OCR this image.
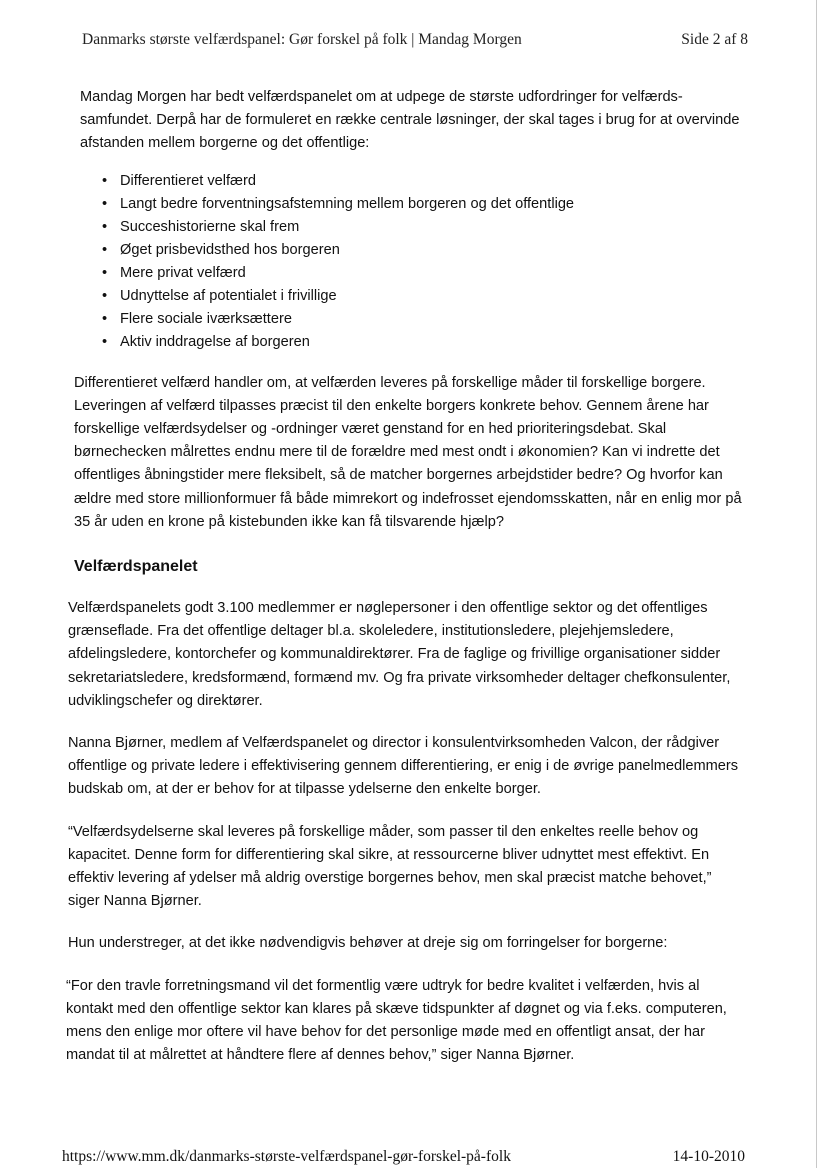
Danmarks største velfærdspanel: Gør forskel på folk | Mandag Morgen	Side 2 af 8

Mandag Morgen har bedt velfærdspanelet om at udpege de største udfordringer for velfærds-samfundet. Derpå har de formuleret en række centrale løsninger, der skal tages i brug for at overvinde afstanden mellem borgerne og det offentlige:

• Differentieret velfærd
• Langt bedre forventningsafstemning mellem borgeren og det offentlige
• Succeshistorierne skal frem
• Øget prisbevidsthed hos borgeren
• Mere privat velfærd
• Udnyttelse af potentialet i frivillige
• Flere sociale iværksættere
• Aktiv inddragelse af borgeren

Differentieret velfærd handler om, at velfærden leveres på forskellige måder til forskellige borgere. Leveringen af velfærd tilpasses præcist til den enkelte borgers konkrete behov. Gennem årene har forskellige velfærdsydelser og -ordninger været genstand for en hed prioriteringsdebat. Skal børnechecken målrettes endnu mere til de forældre med mest ondt i økonomien? Kan vi indrette det offentliges åbningstider mere fleksibelt, så de matcher borgernes arbejdstider bedre? Og hvorfor kan ældre med store millionformuer få både mimrekort og indefrosset ejendomsskatten, når en enlig mor på 35 år uden en krone på kistebunden ikke kan få tilsvarende hjælp?

Velfærdspanelet

Velfærdspanelets godt 3.100 medlemmer er nøglepersoner i den offentlige sektor og det offentliges grænseflade. Fra det offentlige deltager bl.a. skoleledere, institutionsledere, plejehjemsledere, afdelingsledere, kontorchefer og kommunaldirektører. Fra de faglige og frivillige organisationer sidder sekretariatsledere, kredsformænd, formænd mv. Og fra private virksomheder deltager chefkonsulenter, udviklingschefer og direktører.

Nanna Bjørner, medlem af Velfærdspanelet og director i konsulentvirksomheden Valcon, der rådgiver offentlige og private ledere i effektivisering gennem differentiering, er enig i de øvrige panelmedlemmers budskab om, at der er behov for at tilpasse ydelserne den enkelte borger.

“Velfærdsydelserne skal leveres på forskellige måder, som passer til den enkeltes reelle behov og kapacitet. Denne form for differentiering skal sikre, at ressourcerne bliver udnyttet mest effektivt. En effektiv levering af ydelser må aldrig overstige borgernes behov, men skal præcist matche behovet,” siger Nanna Bjørner.

Hun understreger, at det ikke nødvendigvis behøver at dreje sig om forringelser for borgerne:

“For den travle forretningsmand vil det formentlig være udtryk for bedre kvalitet i velfærden, hvis al kontakt med den offentlige sektor kan klares på skæve tidspunkter af døgnet og via f.eks. computeren, mens den enlige mor oftere vil have behov for det personlige møde med en offentligt ansat, der har mandat til at målrettet at håndtere flere af dennes behov,” siger Nanna Bjørner.

https://www.mm.dk/danmarks-største-velfærdspanel-gør-forskel-på-folk	14-10-2010
